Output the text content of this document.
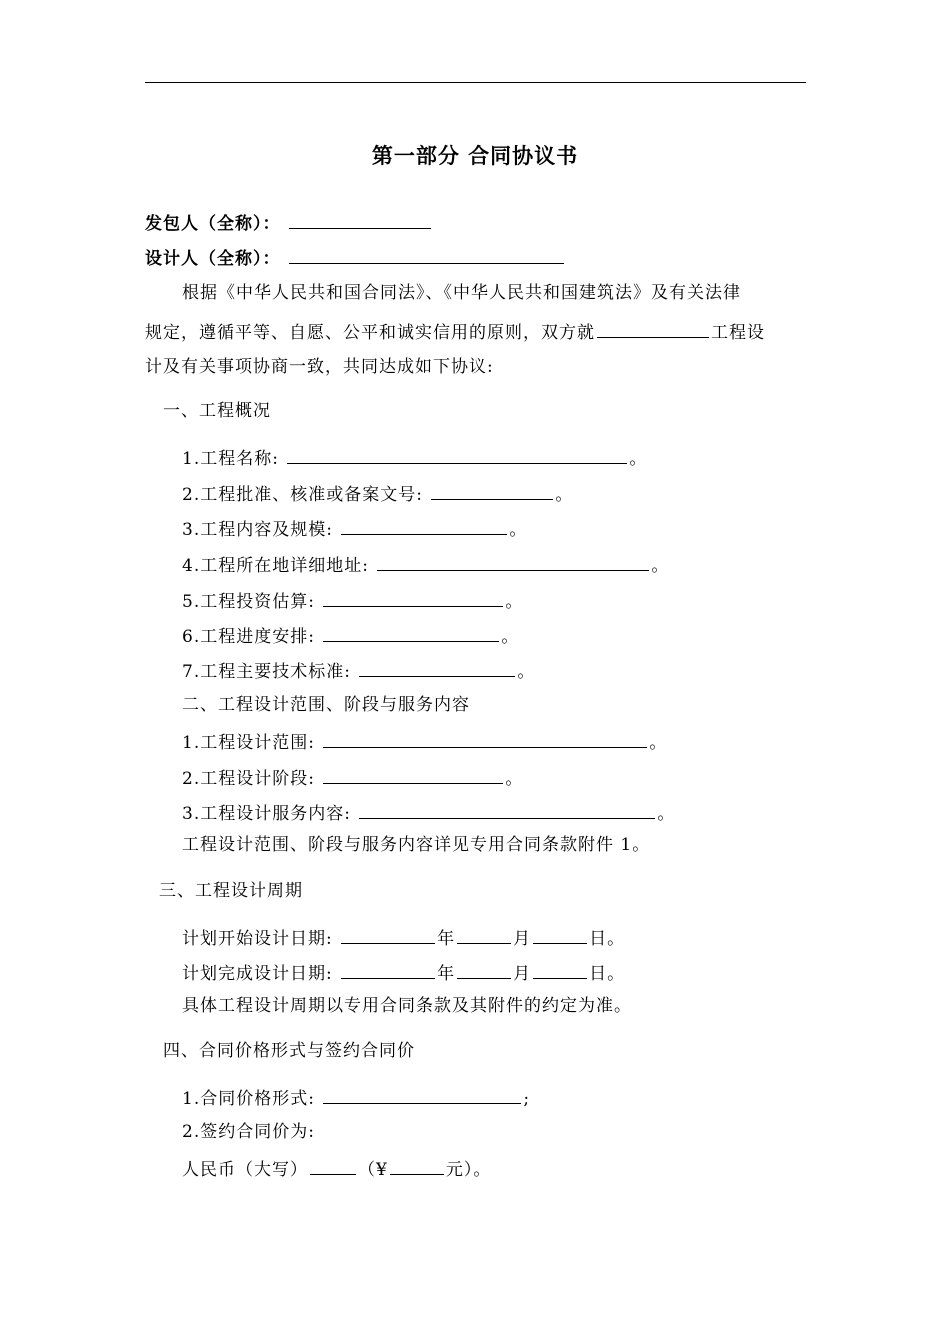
第一部分 合同协议书
发包人（全称）：
设计人（全称）：
根据《中华人民共和国合同法》、《中华人民共和国建筑法》及有关法律
规定，遵循平等、自愿、公平和诚实信用的原则，双方就	工程设
计及有关事项协商一致，共同达成如下协议:
一、工程概况
1.工程名称:	。
2.工程批准、核准或备案文号:	。
3.工程内容及规模:	。
4.工程所在地详细地址:	。
5.工程投资估算:	。
6.工程进度安排:	。
7.工程主要技术标准:	。
二、工程设计范围、阶段与服务内容
1.工程设计范围:	。
2.工程设计阶段:	。
3.工程设计服务内容:	。
工程设计范围、阶段与服务内容详见专用合同条款附件 1。
三、工程设计周期
计划开始设计日期:	年	月	日。
计划完成设计日期:	年	月	日。
具体工程设计周期以专用合同条款及其附件的约定为准。
四、合同价格形式与签约合同价
1.合同价格形式:	;
2.签约合同价为:
人民币（大写）	（¥	元）。
